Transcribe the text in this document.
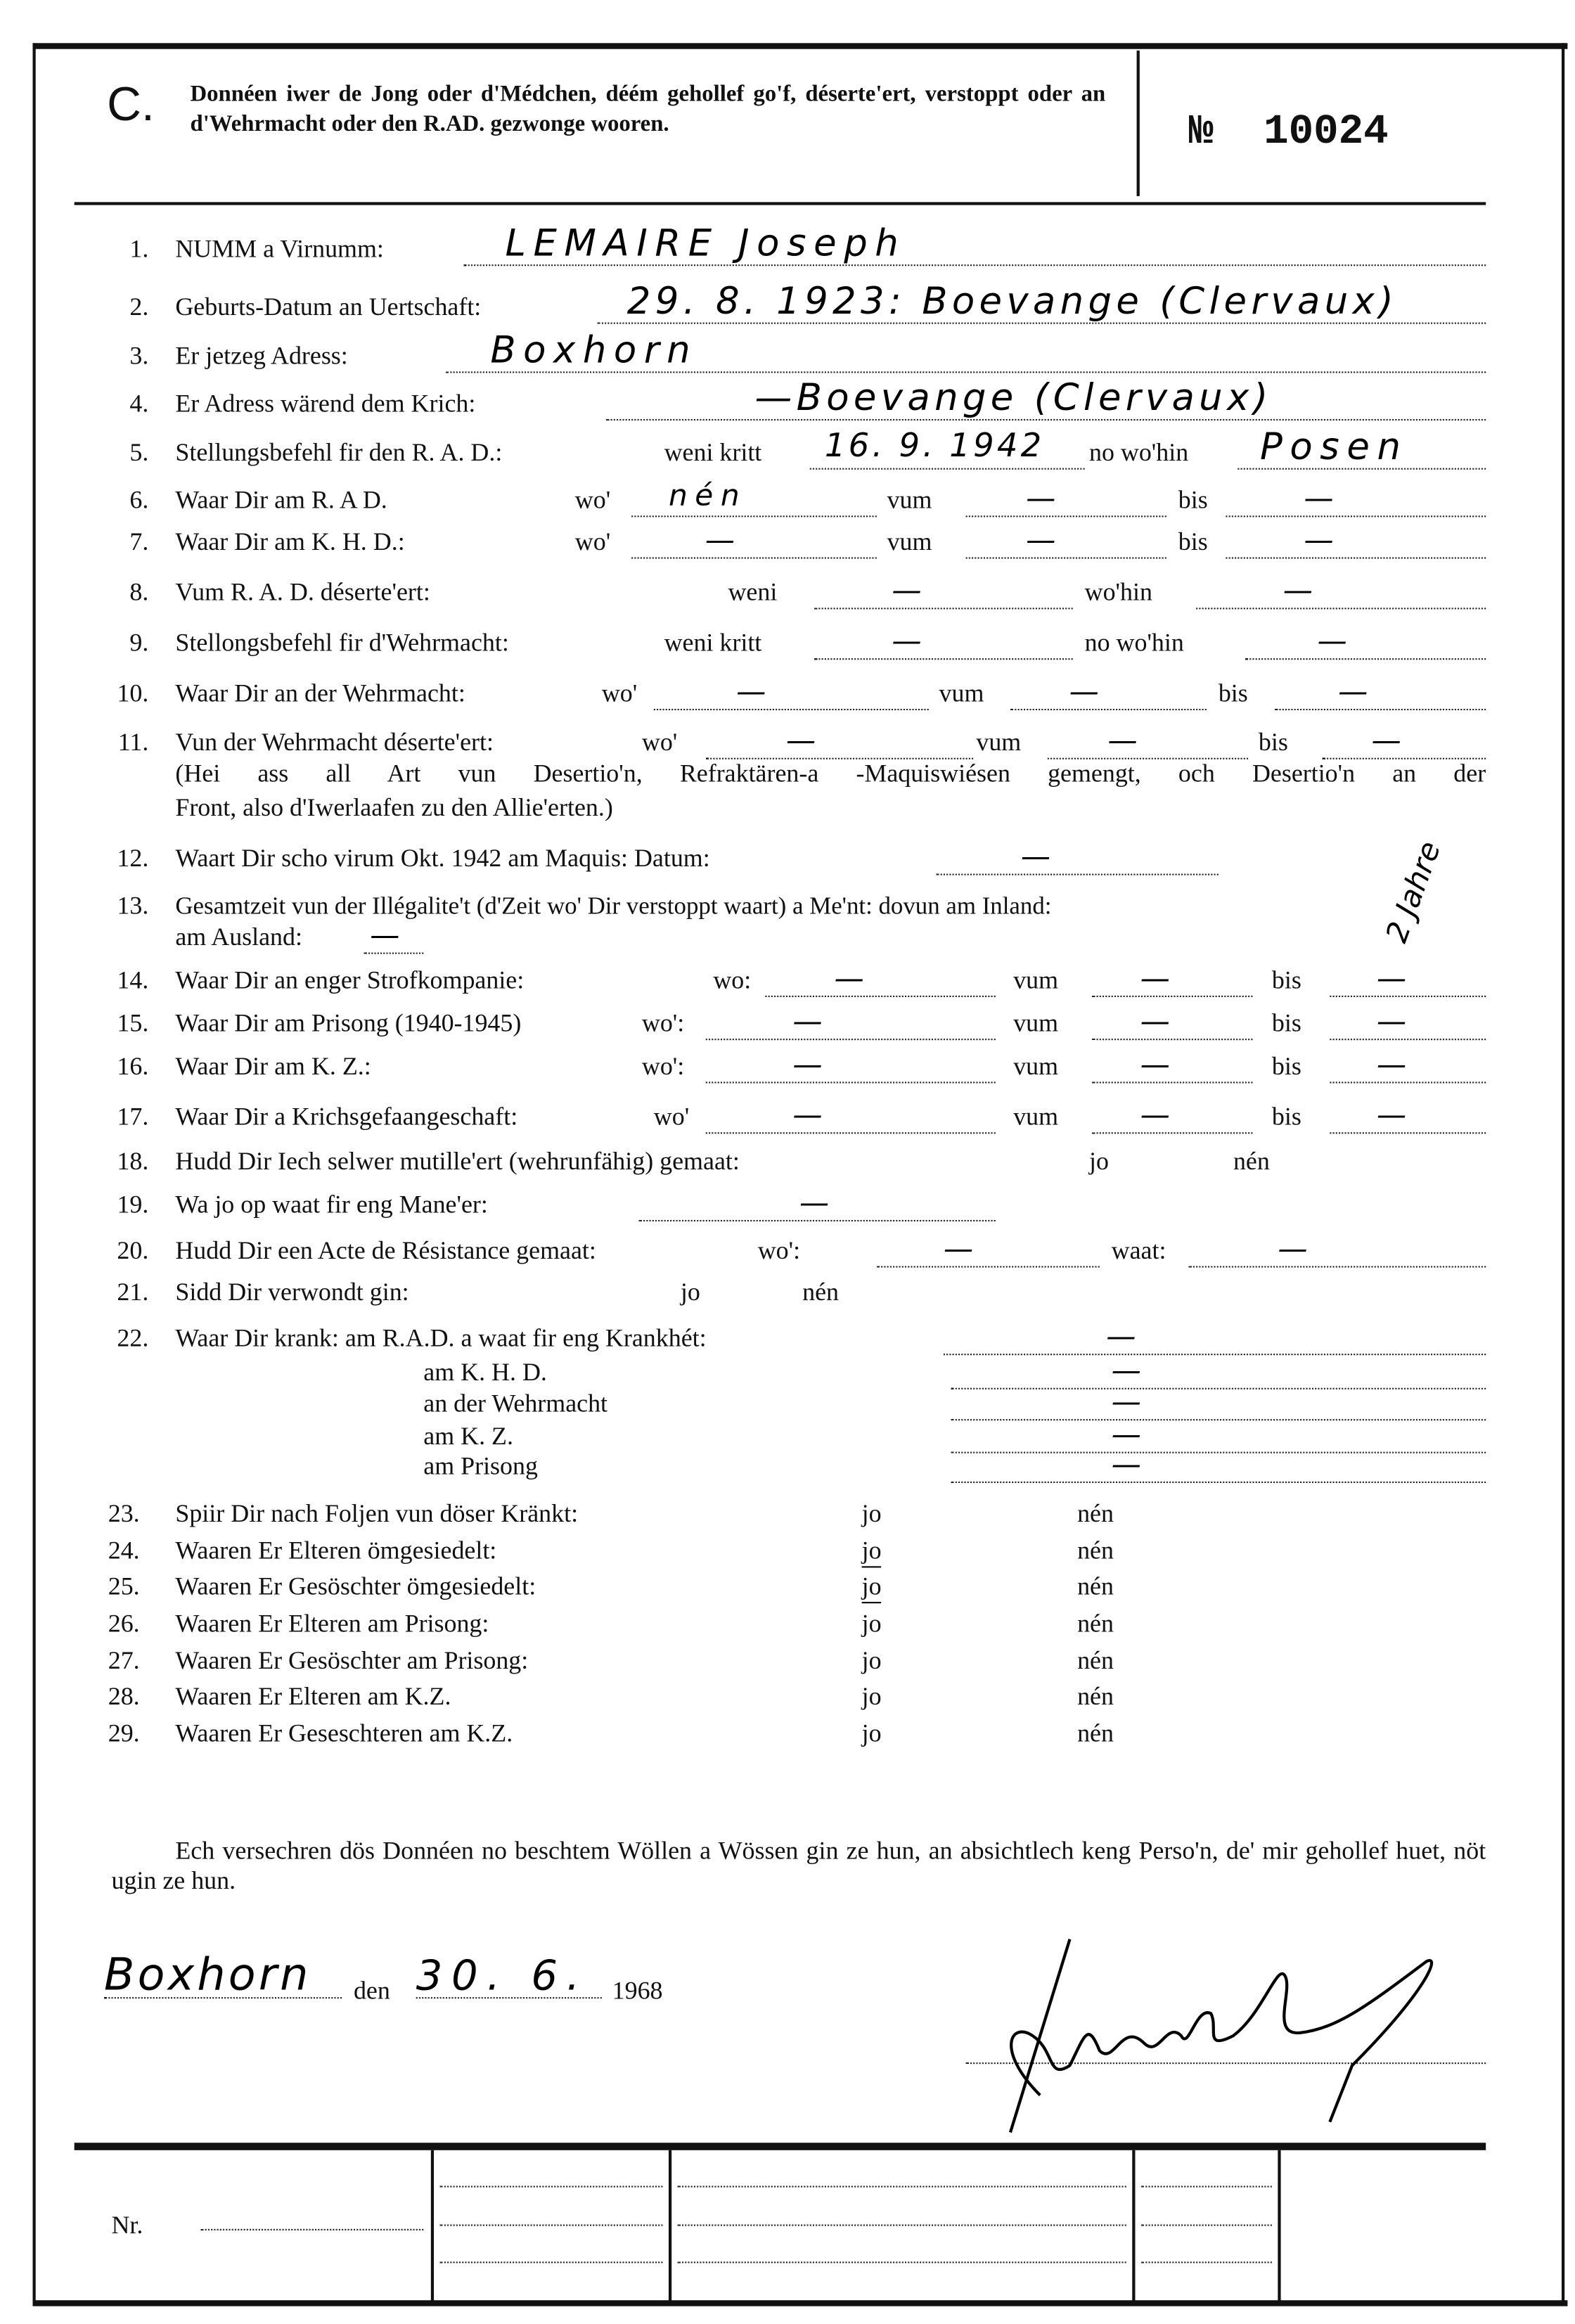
C.	Donnéen iwer de Jong oder d'Médchen, déém gehollef go'f, déserte'ert, verstoppt oder an d'Wehrmacht oder den R.AD. gezwonge wooren.	№	10024
1. NUMM a Virnumm:	LEMAIRE Joseph
2. Geburts-Datum an Uertschaft:	29. 8. 1923: Boevange (Clervaux)
3. Er jetzeg Adress:	Boxhorn
4. Er Adress wärend dem Krich:	—Boevange (Clervaux)
5. Stellungsbefehl fir den R. A. D.:	weni kritt	16. 9. 1942	no wo'hin	Posen
6. Waar Dir am R. A D.	wo'	nén	vum	—	bis	—
7. Waar Dir am K. H. D.:	wo'	—	vum	—	bis	—
8. Vum R. A. D. déserte'ert:	weni	—	wo'hin	—
9. Stellongsbefehl fir d'Wehrmacht:	weni kritt	—	no wo'hin	—
10. Waar Dir an der Wehrmacht:	wo'	—	vum	—	bis	—
11. Vun der Wehrmacht déserte'ert:	wo'	—	vum	—	bis	—
(Hei ass all Art vun Desertio'n, Refraktären-a -Maquiswiésen gemengt, och Desertio'n an der
Front, also d'Iwerlaafen zu den Allie'erten.)
12. Waart Dir scho virum Okt. 1942 am Maquis: Datum:	—
13. Gesamtzeit vun der Illégalite't (d'Zeit wo' Dir verstoppt waart) a Me'nt: dovun am Inland:	2 Jahre
am Ausland:	—
14. Waar Dir an enger Strofkompanie:	wo:	—	vum	—	bis	—
15. Waar Dir am Prisong (1940-1945)	wo':	—	vum	—	bis	—
16. Waar Dir am K. Z.:	wo':	—	vum	—	bis	—
17. Waar Dir a Krichsgefaangeschaft:	wo'	—	vum	—	bis	—
18. Hudd Dir Iech selwer mutille'ert (wehrunfähig) gemaat:	jo	nén
19. Wa jo op waat fir eng Mane'er:	—
20. Hudd Dir een Acte de Résistance gemaat:	wo':	—	waat:	—
21. Sidd Dir verwondt gin:	jo	nén
22. Waar Dir krank: am R.A.D. a waat fir eng Krankhét:	—
am K. H. D.	—
an der Wehrmacht	—
am K. Z.	—
am Prisong	—
23.	Spiir Dir nach Foljen vun döser Kränkt:	jo	nén
24.	Waaren Er Elteren ömgesiedelt:	jo	nén
25.	Waaren Er Gesöschter ömgesiedelt:	jo	nén
26.	Waaren Er Elteren am Prisong:	jo	nén
27.	Waaren Er Gesöschter am Prisong:	jo	nén
28.	Waaren Er Elteren am K.Z.	jo	nén
29.	Waaren Er Geseschteren am K.Z.	jo	nén
Ech versechren dös Donnéen no beschtem Wöllen a Wössen gin ze hun, an absichtlech keng Perso'n, de' mir gehollef huet, nöt ugin ze hun.
Boxhorn	den 30. 6. 1968
Nr.
